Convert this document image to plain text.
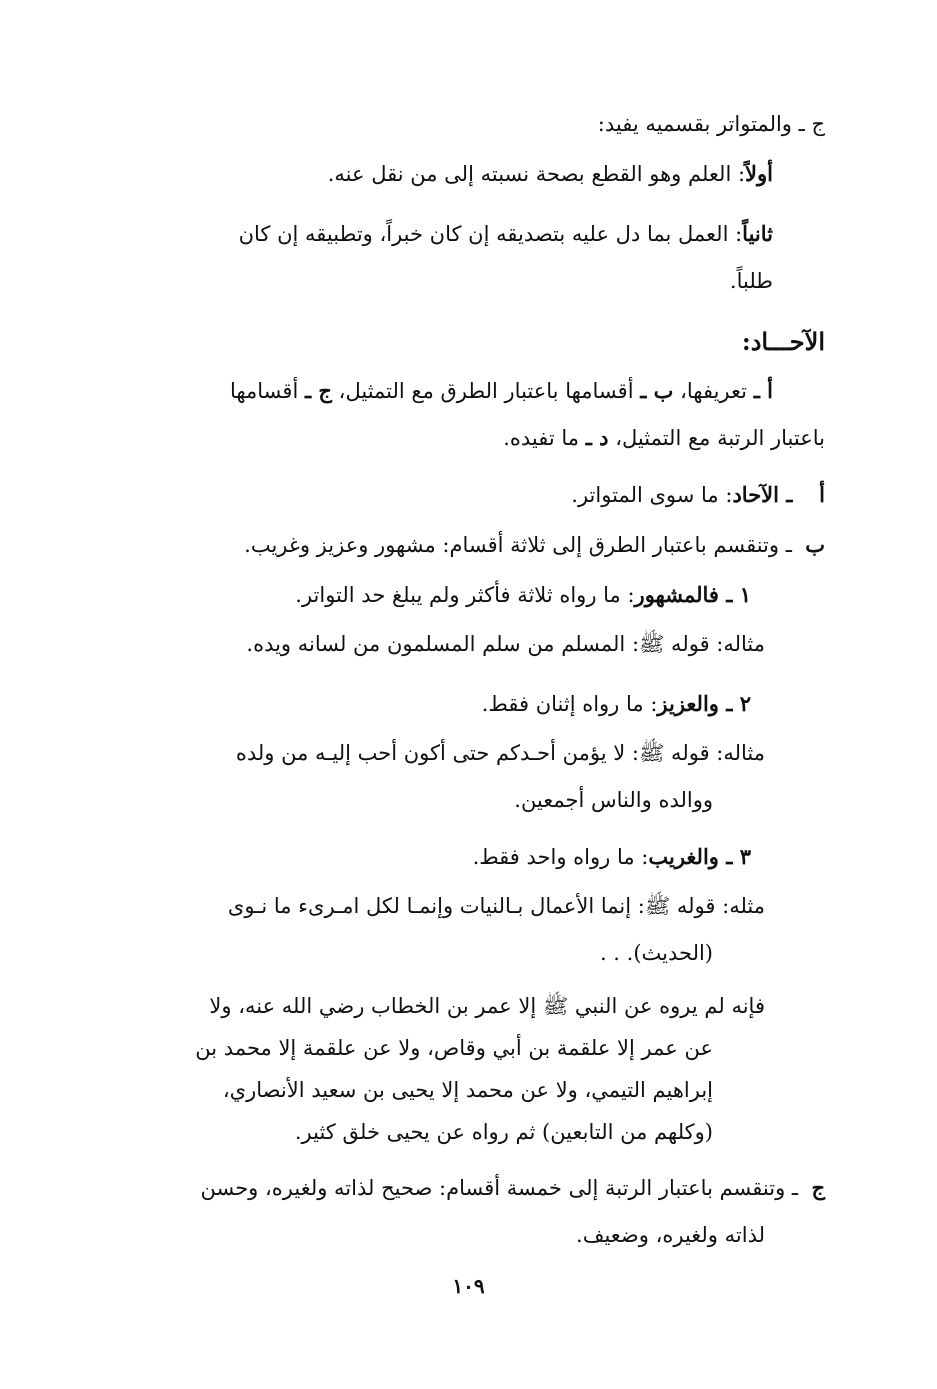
ج ـ والمتواتر بقسميه يفيد:

أولاً: العلم وهو القطع بصحة نسبته إلى من نقل عنه.

ثانياً: العمل بما دل عليه بتصديقه إن كان خبراً، وتطبيقه إن كان

طلباً.

الآحـــاد:

أ ـ تعريفها، ب ـ أقسامها باعتبار الطرق مع التمثيل، ج ـ أقسامها

باعتبار الرتبة مع التمثيل، د ـ ما تفيده.

أ    ـ الآحاد: ما سوى المتواتر.

ب  ـ وتنقسم باعتبار الطرق إلى ثلاثة أقسام: مشهور وعزيز وغريب.

١ ـ فالمشهور: ما رواه ثلاثة فأكثر ولم يبلغ حد التواتر.

مثاله: قوله ﷺ: المسلم من سلم المسلمون من لسانه ويده.

٢ ـ والعزيز: ما رواه إثنان فقط.

مثاله: قوله ﷺ: لا يؤمن أحـدكم حتى أكون أحب إليـه من ولده

ووالده والناس أجمعين.

٣ ـ والغريب: ما رواه واحد فقط.

مثله: قوله ﷺ: إنما الأعمال بـالنيات وإنمـا لكل امـرىء ما نـوى

(الحديث). . .

فإنه لم يروه عن النبي ﷺ إلا عمر بن الخطاب رضي الله عنه، ولا

عن عمر إلا علقمة بن أبي وقاص، ولا عن علقمة إلا محمد بن

إبراهيم التيمي، ولا عن محمد إلا يحيى بن سعيد الأنصاري،

(وكلهم من التابعين) ثم رواه عن يحيى خلق كثير.

ج  ـ وتنقسم باعتبار الرتبة إلى خمسة أقسام: صحيح لذاته ولغيره، وحسن

لذاته ولغيره، وضعيف.

١٠٩
